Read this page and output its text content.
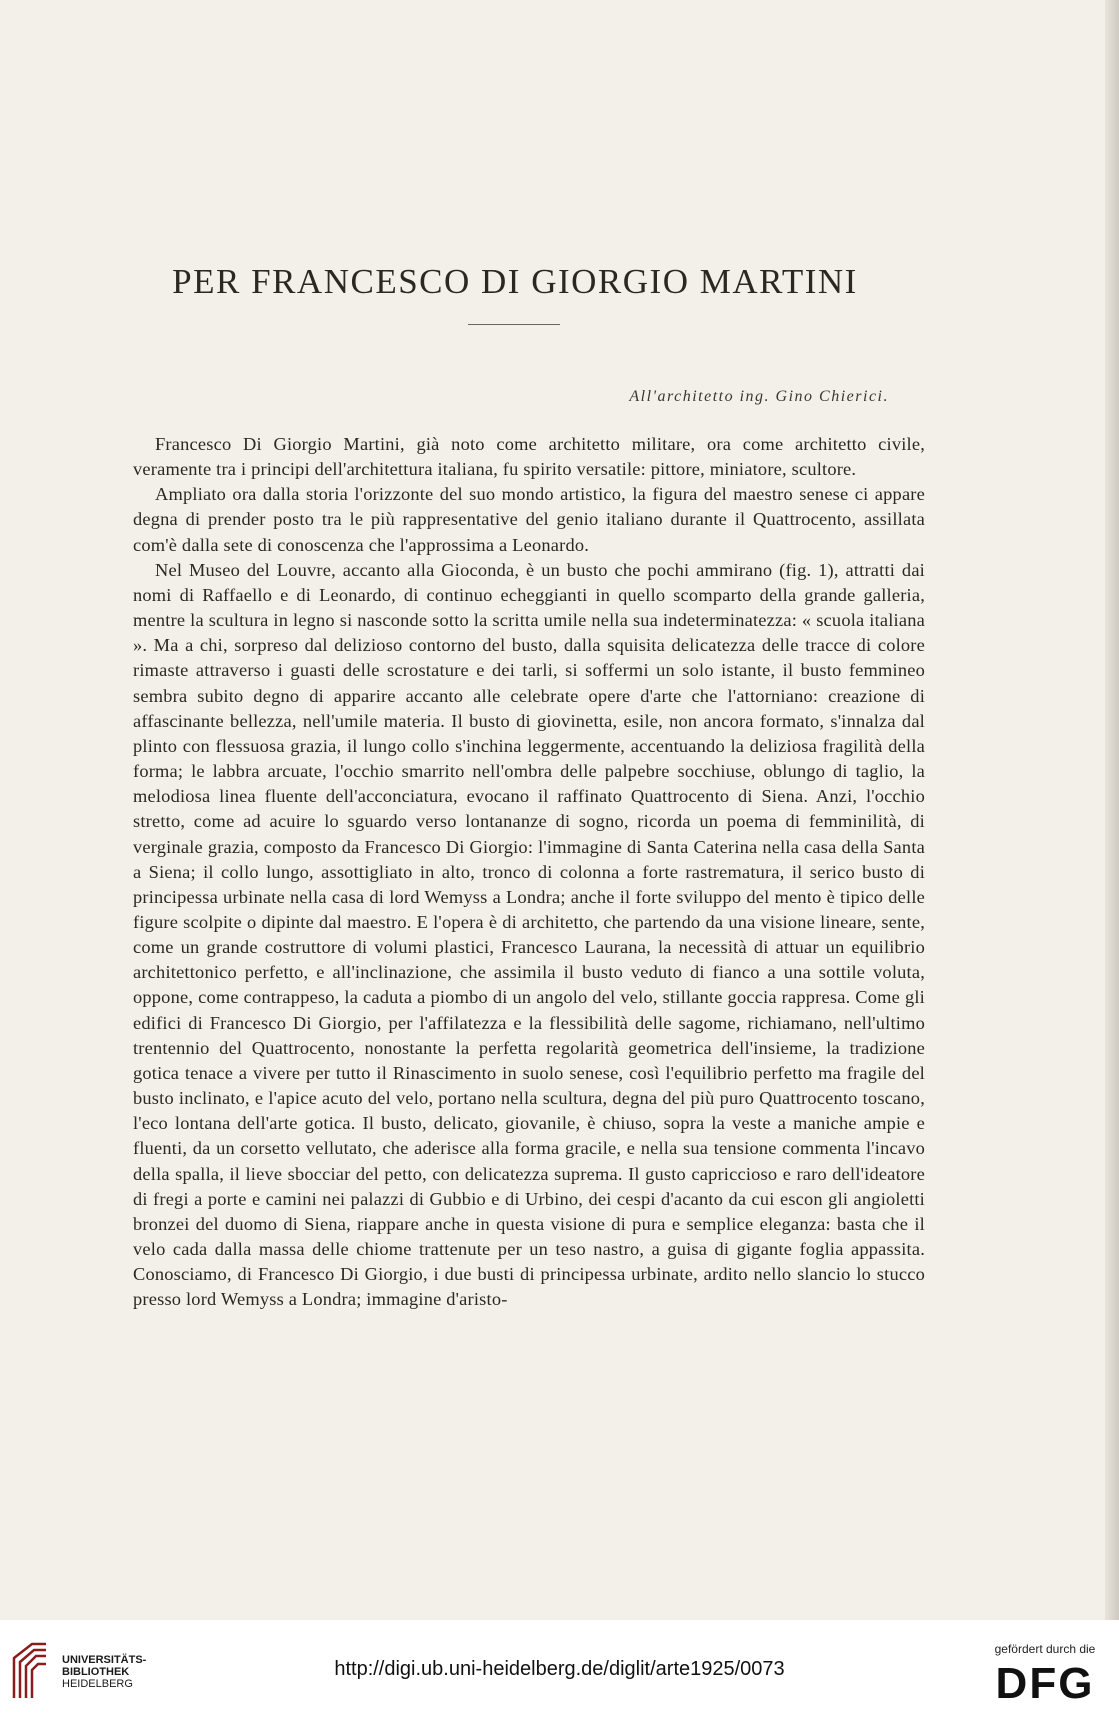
PER FRANCESCO DI GIORGIO MARTINI
All'architetto ing. Gino Chierici.

Francesco Di Giorgio Martini, già noto come architetto militare, ora come architetto civile, veramente tra i principi dell'architettura italiana, fu spirito versatile: pittore, miniatore, scultore.

Ampliato ora dalla storia l'orizzonte del suo mondo artistico, la figura del maestro senese ci appare degna di prender posto tra le più rappresentative del genio italiano durante il Quattrocento, assillata com'è dalla sete di conoscenza che l'approssima a Leonardo.

Nel Museo del Louvre, accanto alla Gioconda, è un busto che pochi ammirano (fig. 1), attratti dai nomi di Raffaello e di Leonardo, di continuo echeggianti in quello scomparto della grande galleria, mentre la scultura in legno si nasconde sotto la scritta umile nella sua indeterminatezza: « scuola italiana ». Ma a chi, sorpreso dal delizioso contorno del busto, dalla squisita delicatezza delle tracce di colore rimaste attraverso i guasti delle scrostature e dei tarli, si soffermi un solo istante, il busto femmineo sembra subito degno di apparire accanto alle celebrate opere d'arte che l'attorniano: creazione di affascinante bellezza, nell'umile materia. Il busto di giovinetta, esile, non ancora formato, s'innalza dal plinto con flessuosa grazia, il lungo collo s'inchina leggermente, accentuando la deliziosa fragilità della forma; le labbra arcuate, l'occhio smarrito nell'ombra delle palpebre socchiuse, oblungo di taglio, la melodiosa linea fluente dell'acconciatura, evocano il raffinato Quattrocento di Siena. Anzi, l'occhio stretto, come ad acuire lo sguardo verso lontananze di sogno, ricorda un poema di femminilità, di verginale grazia, composto da Francesco Di Giorgio: l'immagine di Santa Caterina nella casa della Santa a Siena; il collo lungo, assottigliato in alto, tronco di colonna a forte rastrematura, il serico busto di principessa urbinate nella casa di lord Wemyss a Londra; anche il forte sviluppo del mento è tipico delle figure scolpite o dipinte dal maestro. E l'opera è di architetto, che partendo da una visione lineare, sente, come un grande costruttore di volumi plastici, Francesco Laurana, la necessità di attuar un equilibrio architettonico perfetto, e all'inclinazione, che assimila il busto veduto di fianco a una sottile voluta, oppone, come contrappeso, la caduta a piombo di un angolo del velo, stillante goccia rappresa. Come gli edifici di Francesco Di Giorgio, per l'affilatezza e la flessibilità delle sagome, richiamano, nell'ultimo trentennio del Quattrocento, nonostante la perfetta regolarità geometrica dell'insieme, la tradizione gotica tenace a vivere per tutto il Rinascimento in suolo senese, così l'equilibrio perfetto ma fragile del busto inclinato, e l'apice acuto del velo, portano nella scultura, degna del più puro Quattrocento toscano, l'eco lontana dell'arte gotica. Il busto, delicato, giovanile, è chiuso, sopra la veste a maniche ampie e fluenti, da un corsetto vellutato, che aderisce alla forma gracile, e nella sua tensione commenta l'incavo della spalla, il lieve sbocciar del petto, con delicatezza suprema. Il gusto capriccioso e raro dell'ideatore di fregi a porte e camini nei palazzi di Gubbio e di Urbino, dei cespi d'acanto da cui escon gli angioletti bronzei del duomo di Siena, riappare anche in questa visione di pura e semplice eleganza: basta che il velo cada dalla massa delle chiome trattenute per un teso nastro, a guisa di gigante foglia appassita. Conosciamo, di Francesco Di Giorgio, i due busti di principessa urbinate, ardito nello slancio lo stucco presso lord Wemyss a Londra; immagine d'aristo-

UNIVERSITÄTS-
BIBLIOTHEK
HEIDELBERG
http://digi.ub.uni-heidelberg.de/diglit/arte1925/0073
gefördert durch die
DFG
